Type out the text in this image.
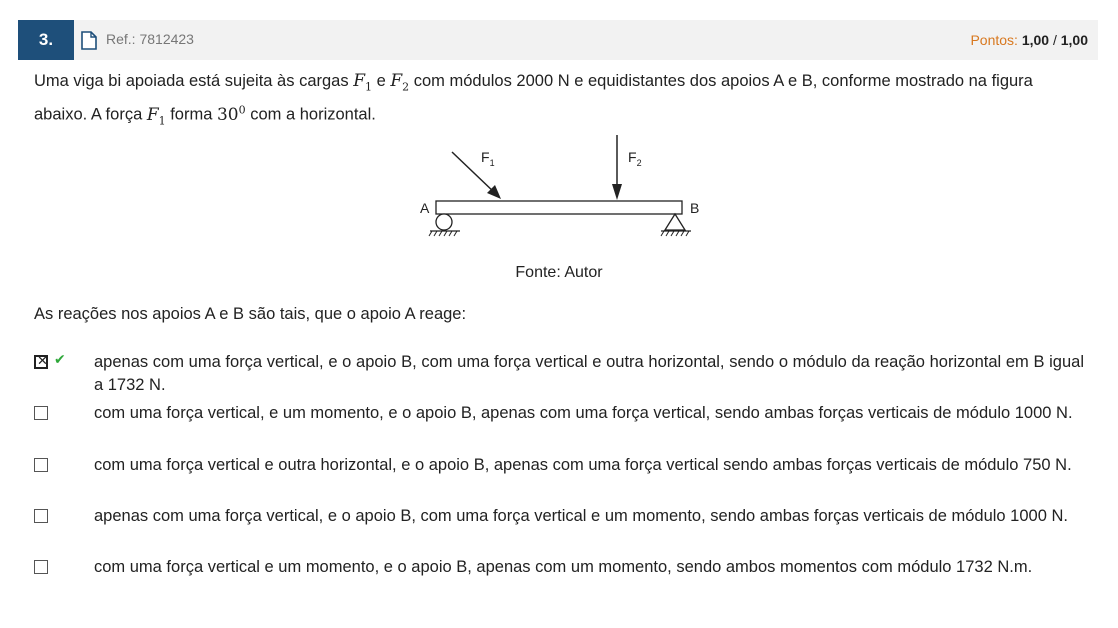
3.	Ref.: 7812423	Pontos: 1,00 / 1,00
Uma viga bi apoiada está sujeita às cargas $F_1$ e $F_2$ com módulos 2000 N e equidistantes dos apoios A e B, conforme mostrado na figura abaixo. A força $F_1$ forma $30^0$ com a horizontal.
$F_1$	$F_2$
A	B
Fonte: Autor
As reações nos apoios A e B são tais, que o apoio A reage:
✕ ✔ apenas com uma força vertical, e o apoio B, com uma força vertical e outra horizontal, sendo o módulo da reação horizontal em B igual a 1732 N.
com uma força vertical, e um momento, e o apoio B, apenas com uma força vertical, sendo ambas forças verticais de módulo 1000 N.
com uma força vertical e outra horizontal, e o apoio B, apenas com uma força vertical sendo ambas forças verticais de módulo 750 N.
apenas com uma força vertical, e o apoio B, com uma força vertical e um momento, sendo ambas forças verticais de módulo 1000 N.
com uma força vertical e um momento, e o apoio B, apenas com um momento, sendo ambos momentos com módulo 1732 N.m.
